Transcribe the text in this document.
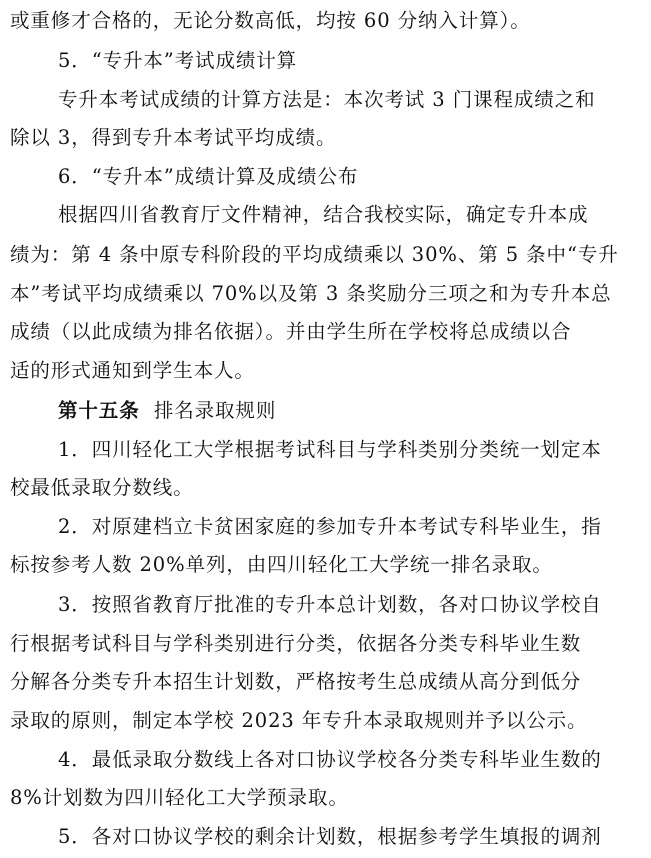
或重修才合格的，无论分数高低，均按 60 分纳入计算）。
5．“专升本”考试成绩计算
专升本考试成绩的计算方法是：本次考试 3 门课程成绩之和
除以 3，得到专升本考试平均成绩。
6．“专升本”成绩计算及成绩公布
根据四川省教育厅文件精神，结合我校实际，确定专升本成
绩为：第 4 条中原专科阶段的平均成绩乘以 30%、第 5 条中“专升
本”考试平均成绩乘以 70%以及第 3 条奖励分三项之和为专升本总
成绩（以此成绩为排名依据）。并由学生所在学校将总成绩以合
适的形式通知到学生本人。
第十五条 排名录取规则
1．四川轻化工大学根据考试科目与学科类别分类统一划定本
校最低录取分数线。
2．对原建档立卡贫困家庭的参加专升本考试专科毕业生，指
标按参考人数 20%单列，由四川轻化工大学统一排名录取。
3．按照省教育厅批准的专升本总计划数，各对口协议学校自
行根据考试科目与学科类别进行分类，依据各分类专科毕业生数
分解各分类专升本招生计划数，严格按考生总成绩从高分到低分
录取的原则，制定本学校 2023 年专升本录取规则并予以公示。
4．最低录取分数线上各对口协议学校各分类专科毕业生数的
8%计划数为四川轻化工大学预录取。
5．各对口协议学校的剩余计划数，根据参考学生填报的调剂
